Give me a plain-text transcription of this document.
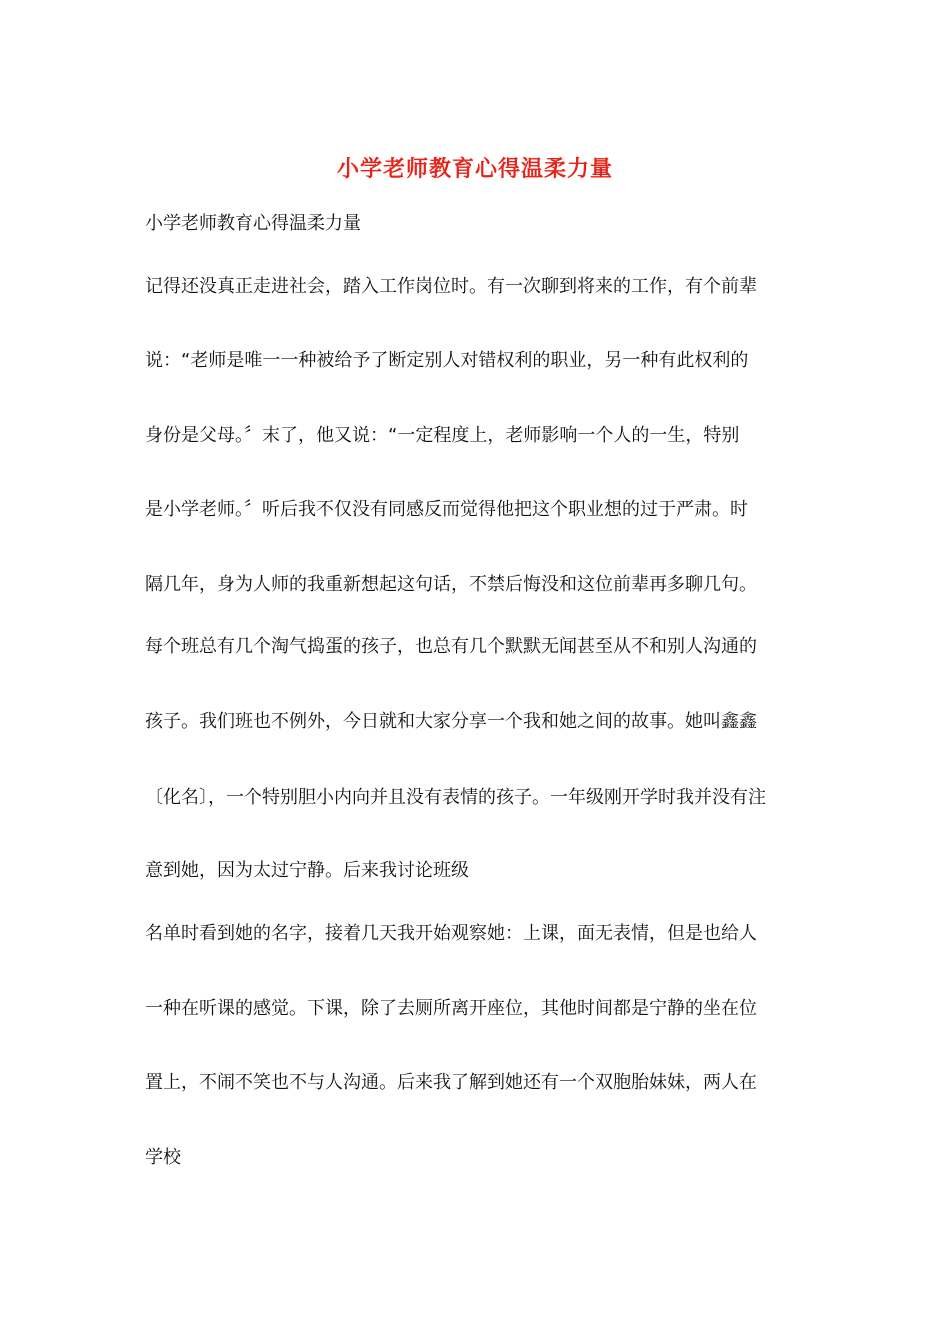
小学老师教育心得温柔力量

小学老师教育心得温柔力量

记得还没真正走进社会，踏入工作岗位时。有一次聊到将来的工作，有个前辈

说：“老师是唯一一种被给予了断定别人对错权利的职业，另一种有此权利的

身份是父母。〞末了，他又说：“一定程度上，老师影响一个人的一生，特别

是小学老师。〞听后我不仅没有同感反而觉得他把这个职业想的过于严肃。时

隔几年，身为人师的我重新想起这句话，不禁后悔没和这位前辈再多聊几句。

每个班总有几个淘气捣蛋的孩子，也总有几个默默无闻甚至从不和别人沟通的

孩子。我们班也不例外，今日就和大家分享一个我和她之间的故事。她叫鑫鑫

〔化名〕，一个特别胆小内向并且没有表情的孩子。一年级刚开学时我并没有注

意到她，因为太过宁静。后来我讨论班级

名单时看到她的名字，接着几天我开始观察她：上课，面无表情，但是也给人

一种在听课的感觉。下课，除了去厕所离开座位，其他时间都是宁静的坐在位

置上，不闹不笑也不与人沟通。后来我了解到她还有一个双胞胎妹妹，两人在

学校
